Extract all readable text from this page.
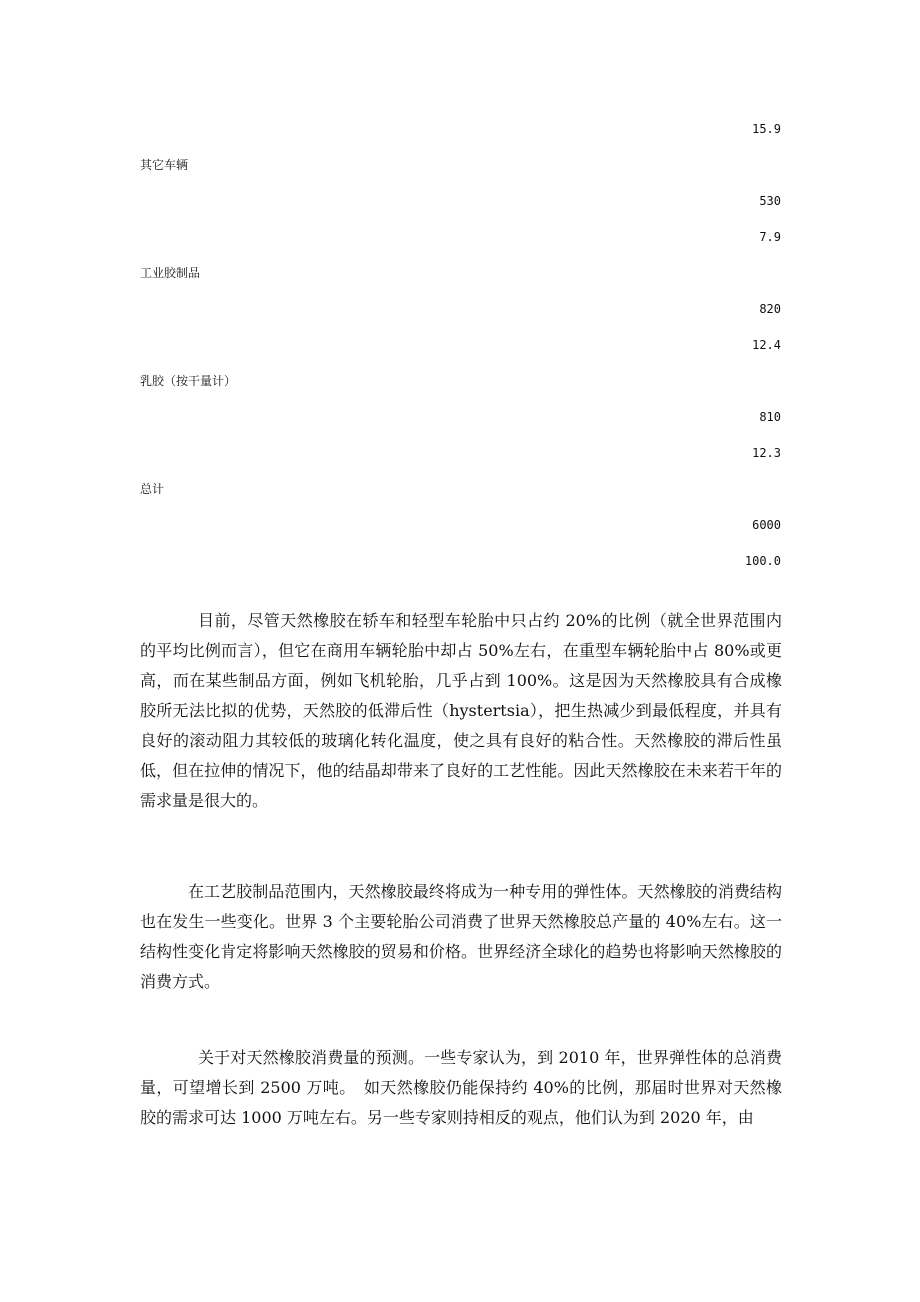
15.9
其它车辆
530
7.9
工业胶制品
820
12.4
乳胶（按干量计）
810
12.3
总计
6000
100.0

目前，尽管天然橡胶在轿车和轻型车轮胎中只占约 20%的比例（就全世界范围内的平均比例而言），但它在商用车辆轮胎中却占 50%左右，在重型车辆轮胎中占 80%或更高，而在某些制品方面，例如飞机轮胎，几乎占到 100%。这是因为天然橡胶具有合成橡胶所无法比拟的优势，天然胶的低滞后性（hystertsia），把生热减少到最低程度，并具有良好的滚动阻力其较低的玻璃化转化温度，使之具有良好的粘合性。天然橡胶的滞后性虽低，但在拉伸的情况下，他的结晶却带来了良好的工艺性能。因此天然橡胶在未来若干年的需求量是很大的。

在工艺胶制品范围内，天然橡胶最终将成为一种专用的弹性体。天然橡胶的消费结构也在发生一些变化。世界 3 个主要轮胎公司消费了世界天然橡胶总产量的 40%左右。这一结构性变化肯定将影响天然橡胶的贸易和价格。世界经济全球化的趋势也将影响天然橡胶的消费方式。

关于对天然橡胶消费量的预测。一些专家认为，到 2010 年，世界弹性体的总消费量，可望增长到 2500 万吨。　如天然橡胶仍能保持约 40%的比例，那届时世界对天然橡胶的需求可达 1000 万吨左右。另一些专家则持相反的观点，他们认为到 2020 年，由
